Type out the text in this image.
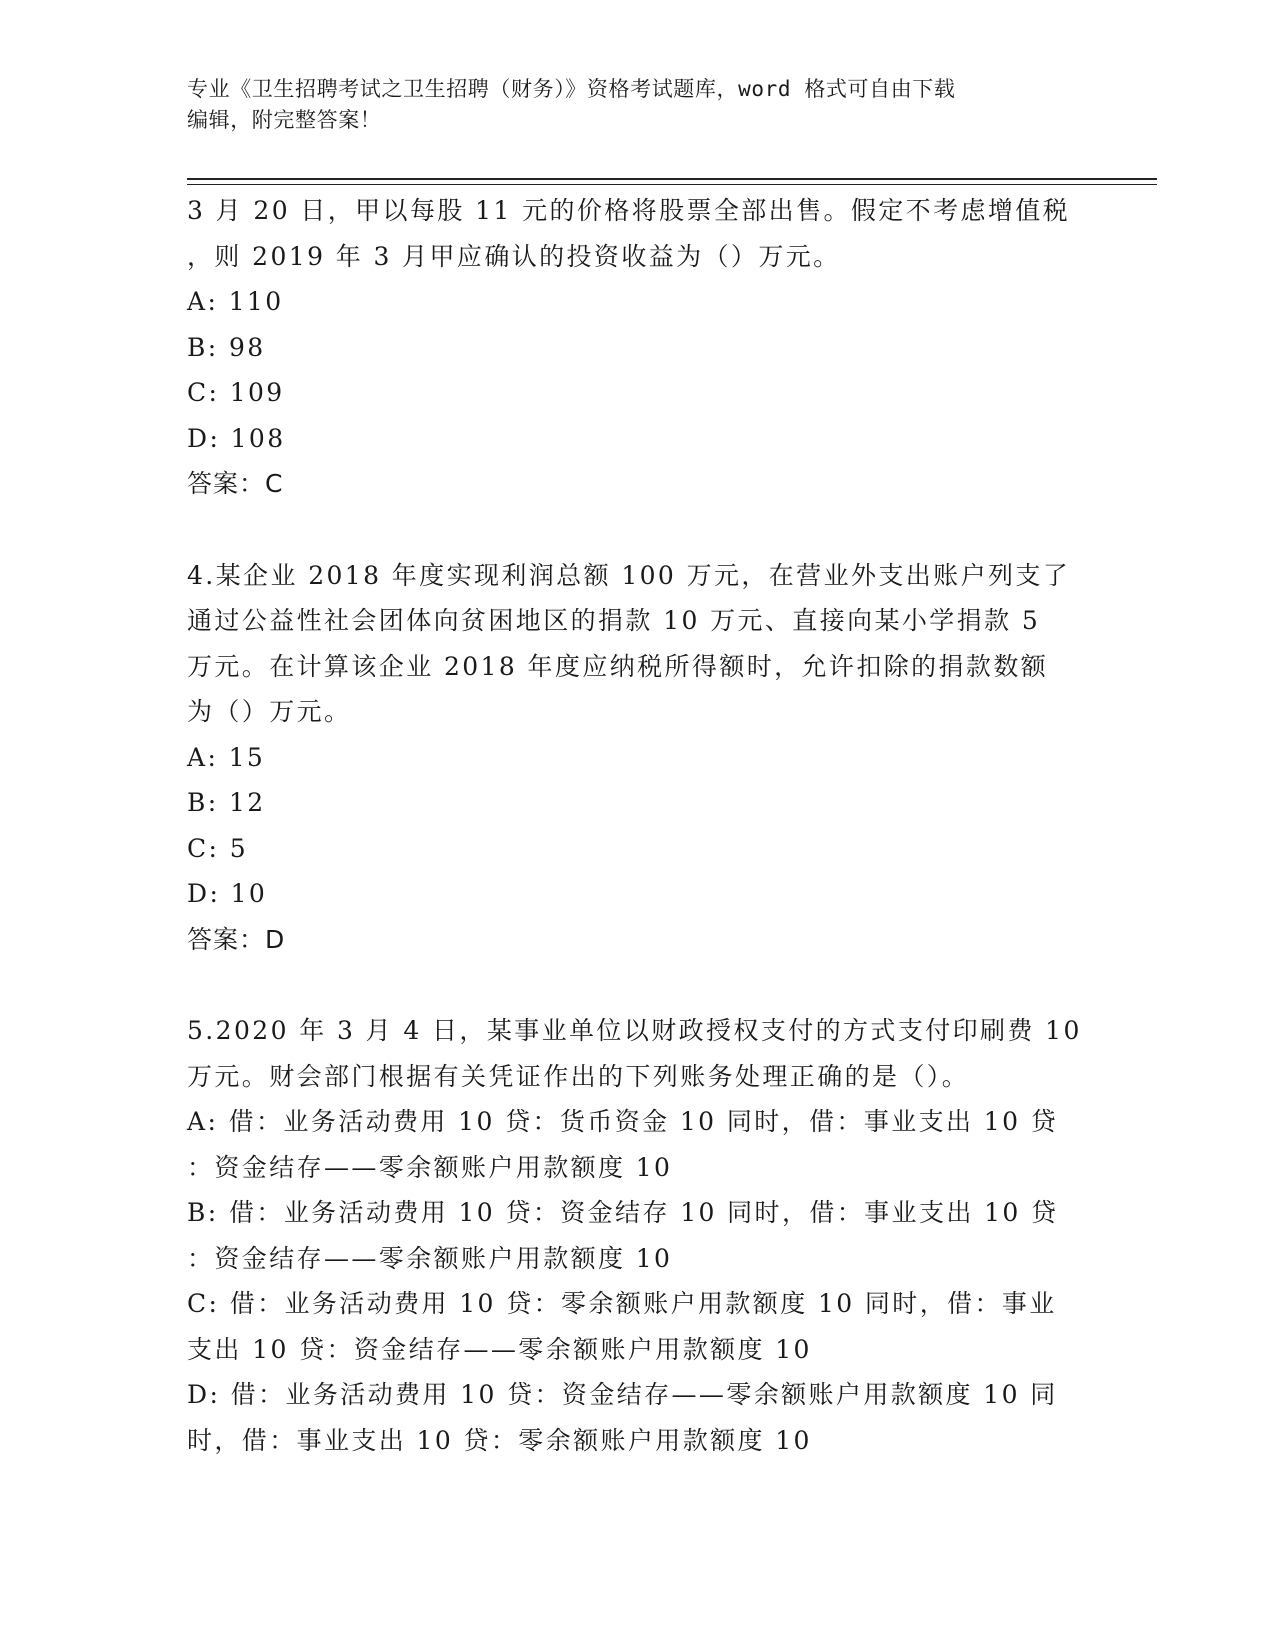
专业《卫生招聘考试之卫生招聘（财务）》资格考试题库，word 格式可自由下载
编辑，附完整答案！
3 月 20 日，甲以每股 11 元的价格将股票全部出售。假定不考虑增值税
，则 2019 年 3 月甲应确认的投资收益为（）万元。
A: 110
B: 98
C: 109
D: 108
答案：C
4.某企业 2018 年度实现利润总额 100 万元，在营业外支出账户列支了
通过公益性社会团体向贫困地区的捐款 10 万元、直接向某小学捐款 5
万元。在计算该企业 2018 年度应纳税所得额时，允许扣除的捐款数额
为（）万元。
A: 15
B: 12
C: 5
D: 10
答案：D
5.2020 年 3 月 4 日，某事业单位以财政授权支付的方式支付印刷费 10
万元。财会部门根据有关凭证作出的下列账务处理正确的是（）。
A: 借：业务活动费用 10 贷：货币资金 10 同时，借：事业支出 10 贷
：资金结存——零余额账户用款额度 10
B: 借：业务活动费用 10 贷：资金结存 10 同时，借：事业支出 10 贷
：资金结存——零余额账户用款额度 10
C: 借：业务活动费用 10 贷：零余额账户用款额度 10 同时，借：事业
支出 10 贷：资金结存——零余额账户用款额度 10
D: 借：业务活动费用 10 贷：资金结存——零余额账户用款额度 10 同
时，借：事业支出 10 贷：零余额账户用款额度 10
